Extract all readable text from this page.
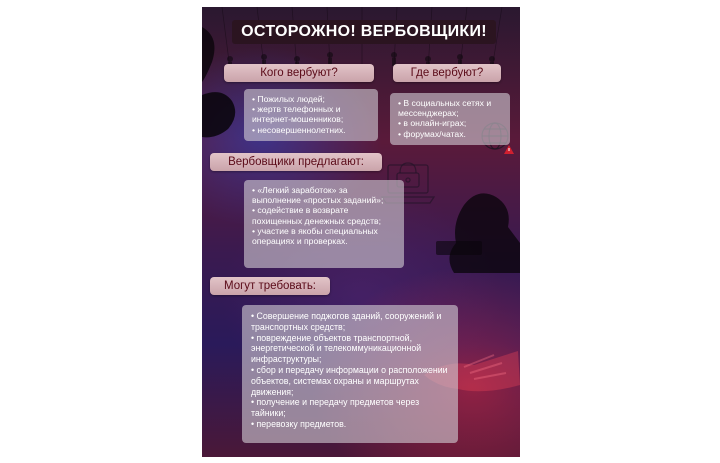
ОСТОРОЖНО! ВЕРБОВЩИКИ!
Кого вербуют?
• Пожилых людей;
• жертв телефонных и интернет-мошенников;
• несовершеннолетних.
Где вербуют?
• В социальных сетях и мессенджерах;
• в онлайн-играх;
• форумах/чатах.
Вербовщики предлагают:
• «Легкий заработок» за выполнение «простых заданий»;
• содействие в возврате похищенных денежных средств;
• участие в якобы специальных операциях и проверках.
Могут требовать:
• Совершение поджогов зданий, сооружений и транспортных средств;
• повреждение объектов транспортной, энергетической и телекоммуникационной инфраструктуры;
• сбор и передачу информации о расположении объектов, системах охраны и маршрутах движения;
• получение и передачу предметов через тайники;
• перевозку предметов.
